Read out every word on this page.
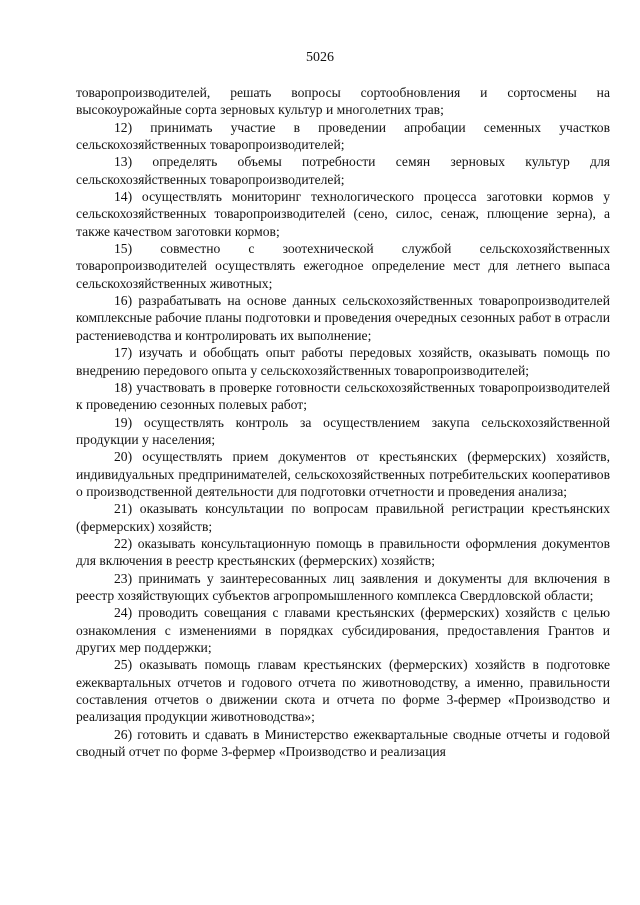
5026

товаропроизводителей, решать вопросы сортообновления и сортосмены на высокоурожайные сорта зерновых культур и многолетних трав;

12) принимать участие в проведении апробации семенных участков сельскохозяйственных товаропроизводителей;

13) определять объемы потребности семян зерновых культур для сельскохозяйственных товаропроизводителей;

14) осуществлять мониторинг технологического процесса заготовки кормов у сельскохозяйственных товаропроизводителей (сено, силос, сенаж, плющение зерна), а также качеством заготовки кормов;

15) совместно с зоотехнической службой сельскохозяйственных товаропроизводителей осуществлять ежегодное определение мест для летнего выпаса сельскохозяйственных животных;

16) разрабатывать на основе данных сельскохозяйственных товаропроизводителей комплексные рабочие планы подготовки и проведения очередных сезонных работ в отрасли растениеводства и контролировать их выполнение;

17) изучать и обобщать опыт работы передовых хозяйств, оказывать помощь по внедрению передового опыта у сельскохозяйственных товаропроизводителей;

18) участвовать в проверке готовности сельскохозяйственных товаропроизводителей к проведению сезонных полевых работ;

19) осуществлять контроль за осуществлением закупа сельскохозяйственной продукции у населения;

20) осуществлять прием документов от крестьянских (фермерских) хозяйств, индивидуальных предпринимателей, сельскохозяйственных потребительских кооперативов о производственной деятельности для подготовки отчетности и проведения анализа;

21) оказывать консультации по вопросам правильной регистрации крестьянских (фермерских) хозяйств;

22) оказывать консультационную помощь в правильности оформления документов для включения в реестр крестьянских (фермерских) хозяйств;

23) принимать у заинтересованных лиц заявления и документы для включения в реестр хозяйствующих субъектов агропромышленного комплекса Свердловской области;

24) проводить совещания с главами крестьянских (фермерских) хозяйств с целью ознакомления с изменениями в порядках субсидирования, предоставления Грантов и других мер поддержки;

25) оказывать помощь главам крестьянских (фермерских) хозяйств в подготовке ежеквартальных отчетов и годового отчета по животноводству, а именно, правильности составления отчетов о движении скота и отчета по форме 3-фермер «Производство и реализация продукции животноводства»;

26) готовить и сдавать в Министерство ежеквартальные сводные отчеты и годовой сводный отчет по форме 3-фермер «Производство и реализация
